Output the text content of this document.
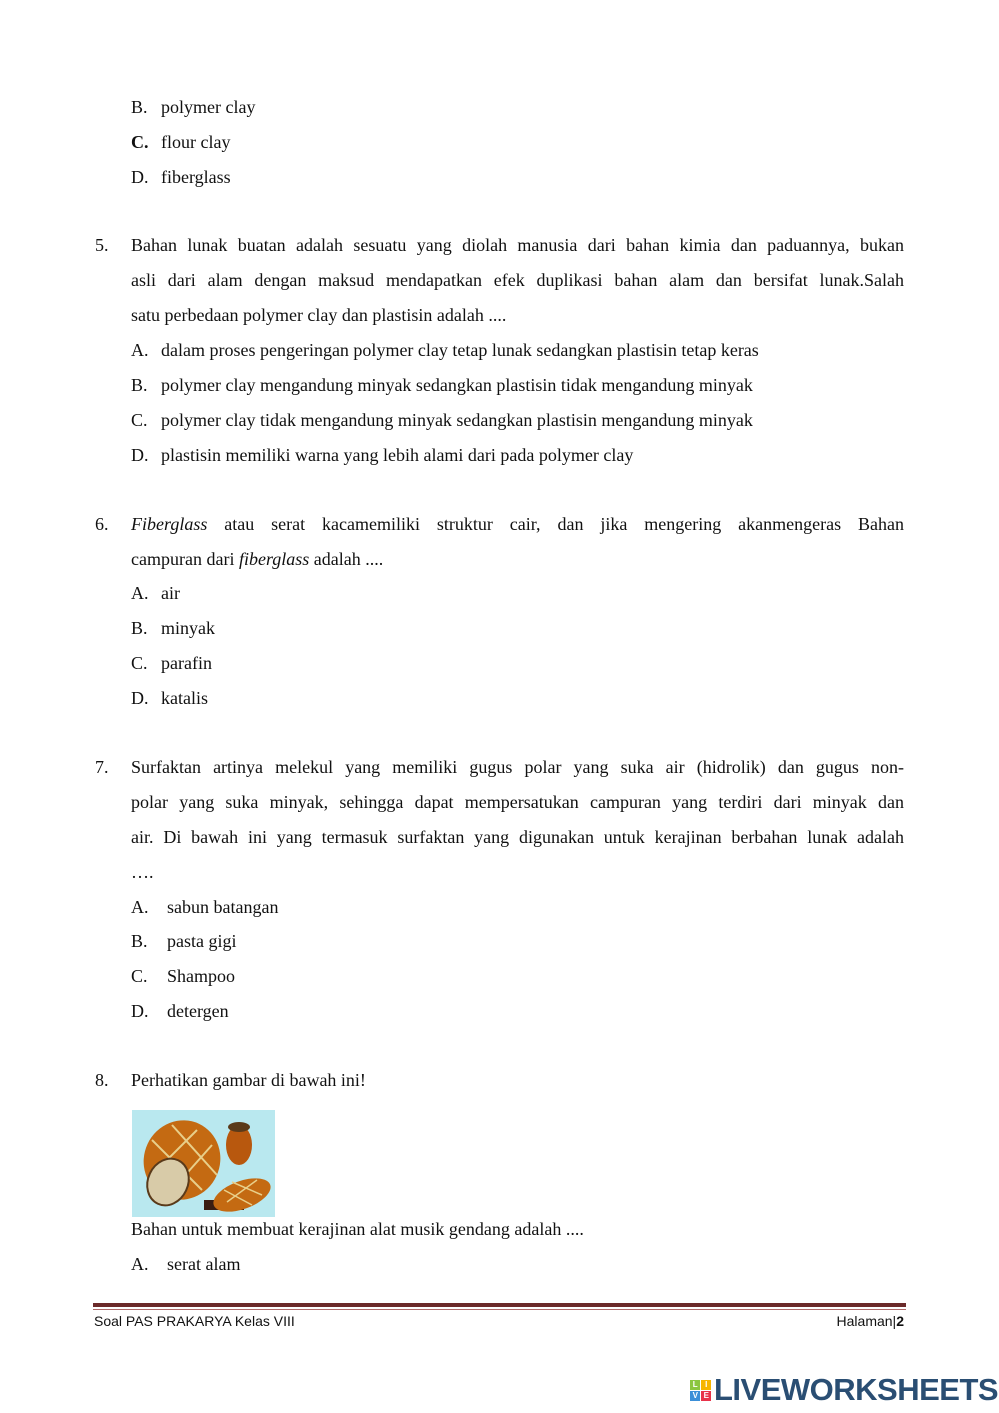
B. polymer clay
C. flour clay
D. fiberglass
5. Bahan lunak buatan adalah sesuatu yang diolah manusia dari bahan kimia dan paduannya, bukan
asli dari alam dengan maksud mendapatkan efek duplikasi bahan alam dan bersifat lunak.Salah
satu perbedaan polymer clay dan plastisin adalah ....
A. dalam proses pengeringan polymer clay tetap lunak sedangkan plastisin tetap keras
B. polymer clay mengandung minyak sedangkan plastisin tidak mengandung minyak
C. polymer clay tidak mengandung minyak sedangkan plastisin mengandung minyak
D. plastisin memiliki warna yang lebih alami dari pada polymer clay
6. Fiberglass atau serat kacamemiliki struktur cair, dan jika mengering akanmengeras Bahan
campuran dari fiberglass adalah ....
A. air
B. minyak
C. parafin
D. katalis
7. Surfaktan artinya melekul yang memiliki gugus polar yang suka air (hidrolik) dan gugus non-
polar yang suka minyak, sehingga dapat mempersatukan campuran yang terdiri dari minyak dan
air. Di bawah ini yang termasuk surfaktan yang digunakan untuk kerajinan berbahan lunak adalah
….
A. sabun batangan
B. pasta gigi
C. Shampoo
D. detergen
8. Perhatikan gambar di bawah ini!
Bahan untuk membuat kerajinan alat musik gendang adalah ....
A. serat alam
Soal PAS PRAKARYA Kelas VIII	Halaman|2
L I
V E LIVEWORKSHEETS
